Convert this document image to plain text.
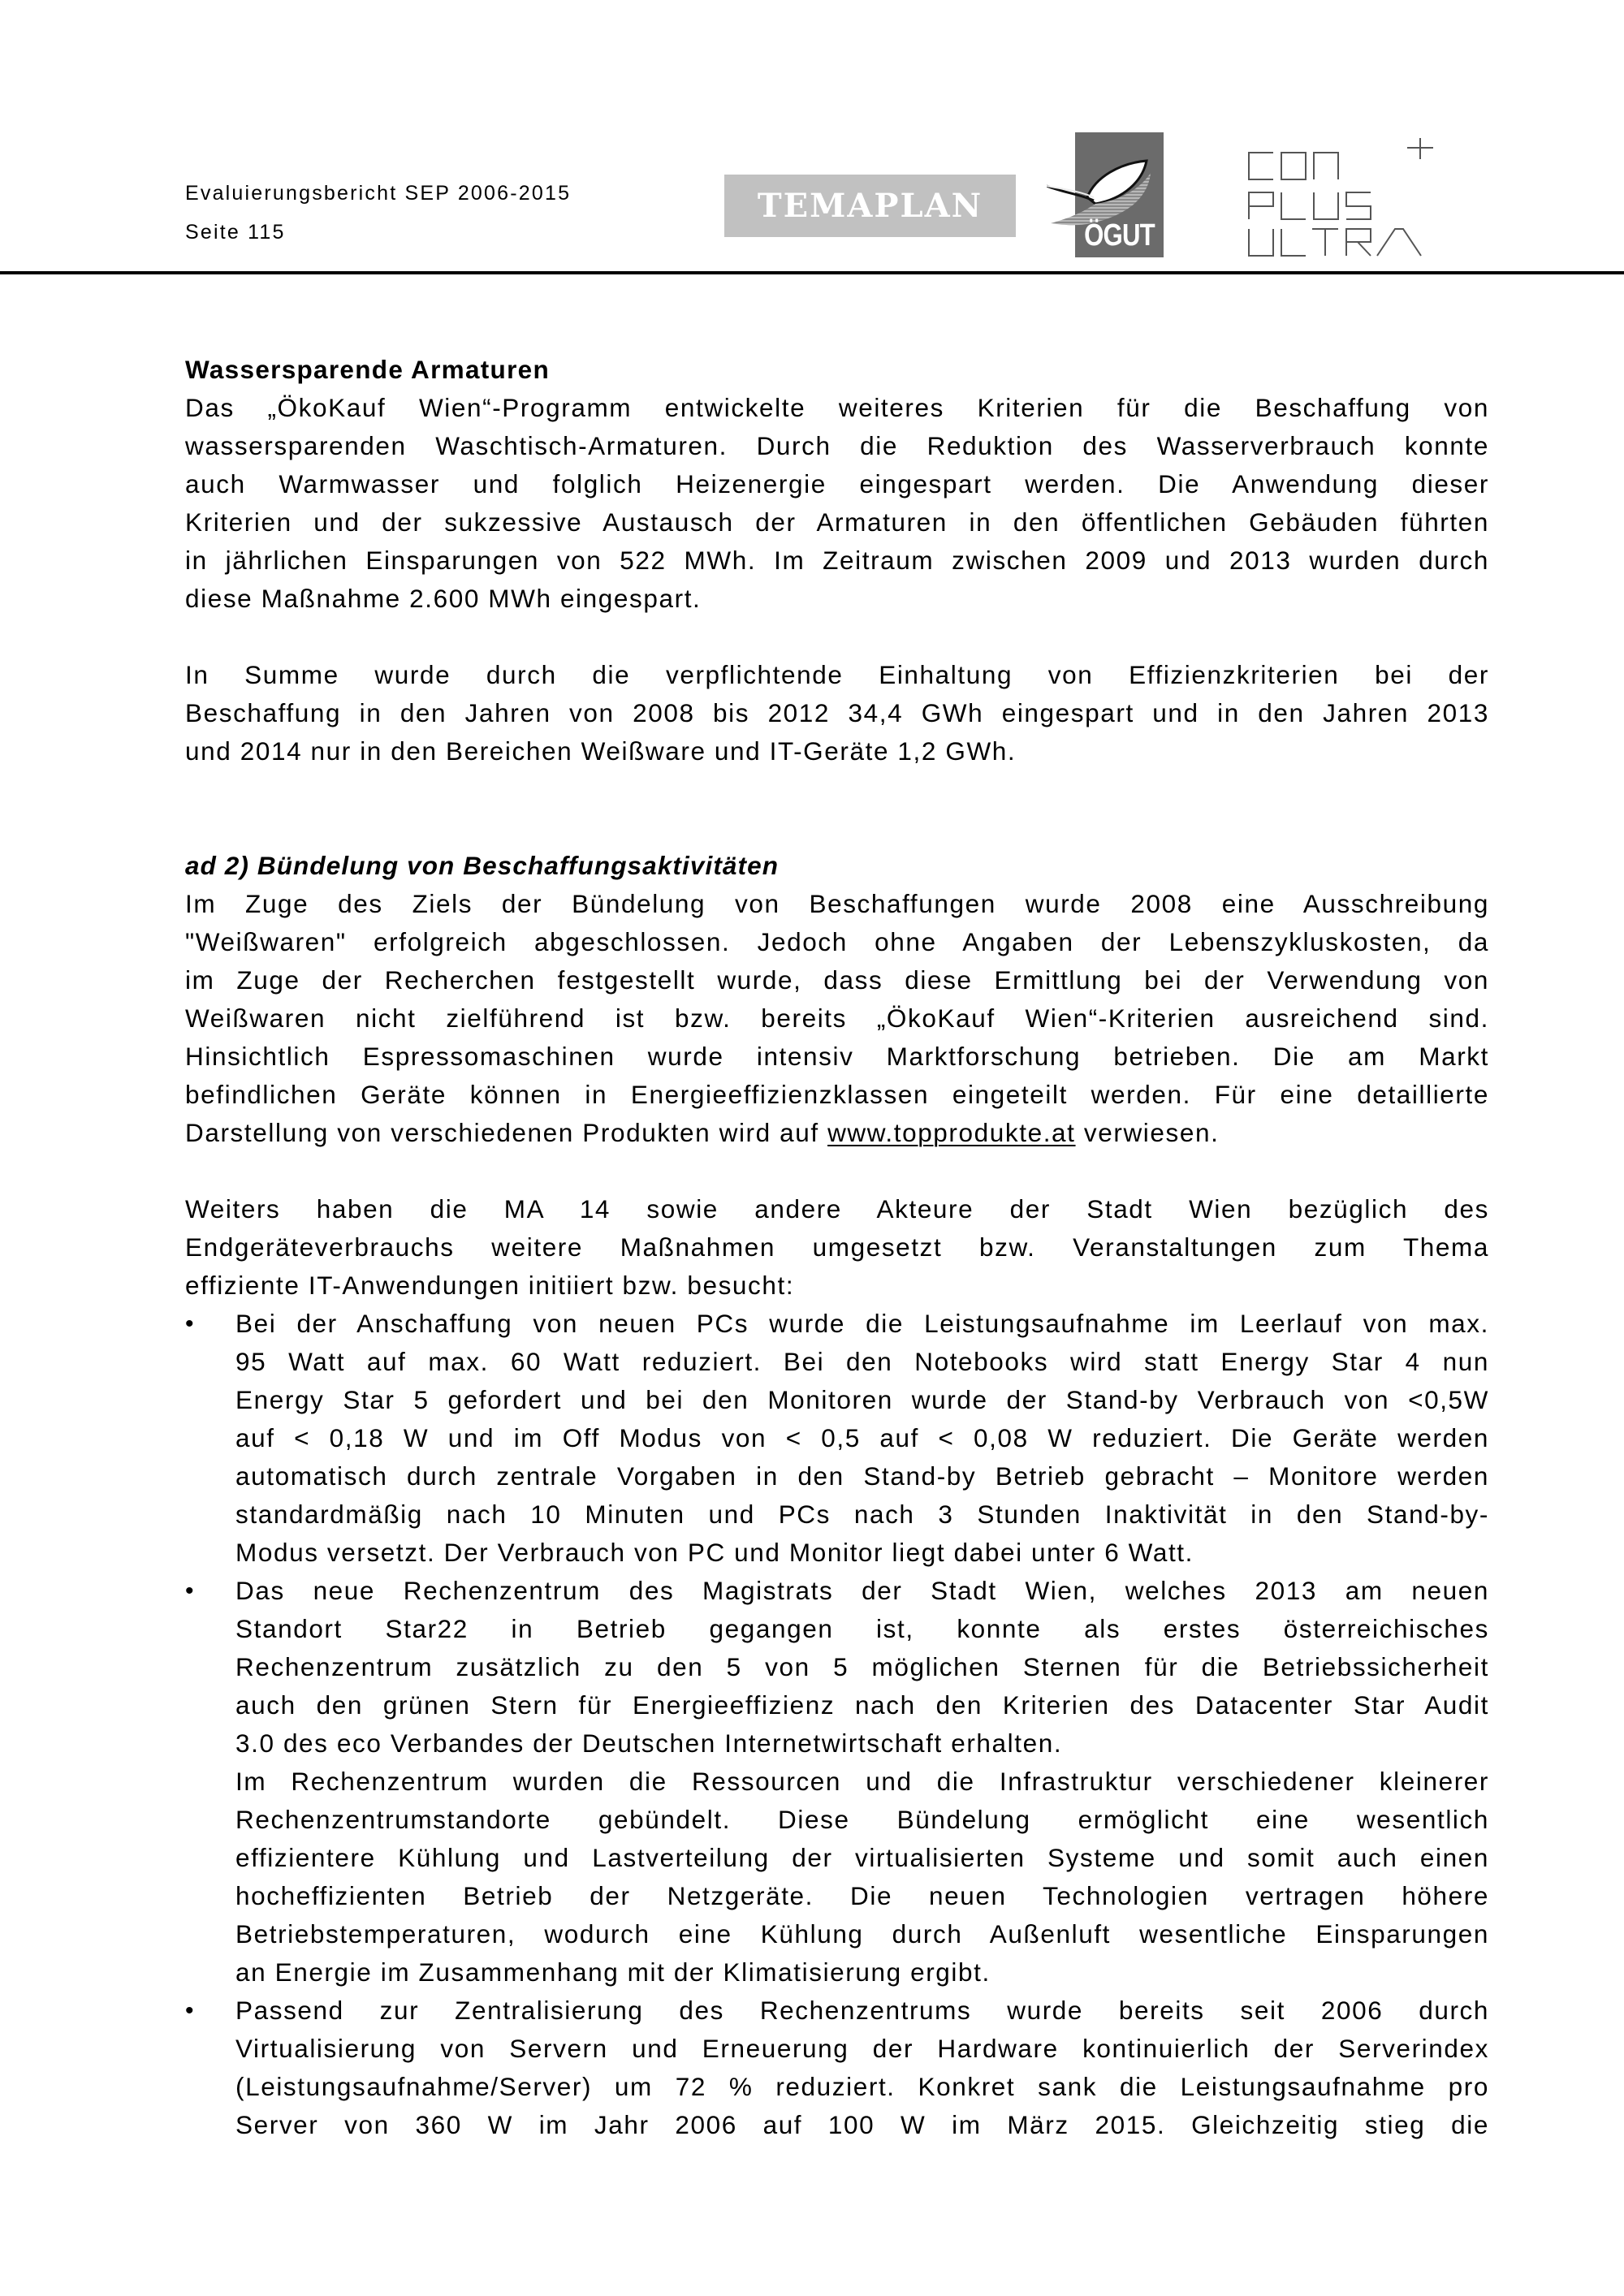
Evaluierungsbericht SEP 2006-2015
Seite 115
TEMAPLAN
ÖGUT
Wassersparende Armaturen
Das „ÖkoKauf Wien“-Programm entwickelte weiteres Kriterien für die Beschaffung von
wassersparenden Waschtisch-Armaturen. Durch die Reduktion des Wasserverbrauch konnte
auch Warmwasser und folglich Heizenergie eingespart werden. Die Anwendung dieser
Kriterien und der sukzessive Austausch der Armaturen in den öffentlichen Gebäuden führten
in jährlichen Einsparungen von 522 MWh. Im Zeitraum zwischen 2009 und 2013 wurden durch
diese Maßnahme 2.600 MWh eingespart.
In Summe wurde durch die verpflichtende Einhaltung von Effizienzkriterien bei der
Beschaffung in den Jahren von 2008 bis 2012 34,4 GWh eingespart und in den Jahren 2013
und 2014 nur in den Bereichen Weißware und IT-Geräte 1,2 GWh.
ad 2) Bündelung von Beschaffungsaktivitäten
Im Zuge des Ziels der Bündelung von Beschaffungen wurde 2008 eine Ausschreibung
"Weißwaren" erfolgreich abgeschlossen. Jedoch ohne Angaben der Lebenszykluskosten, da
im Zuge der Recherchen festgestellt wurde, dass diese Ermittlung bei der Verwendung von
Weißwaren nicht zielführend ist bzw. bereits „ÖkoKauf Wien“-Kriterien ausreichend sind.
Hinsichtlich Espressomaschinen wurde intensiv Marktforschung betrieben. Die am Markt
befindlichen Geräte können in Energieeffizienzklassen eingeteilt werden. Für eine detaillierte
Darstellung von verschiedenen Produkten wird auf www.topprodukte.at verwiesen.
Weiters haben die MA 14 sowie andere Akteure der Stadt Wien bezüglich des
Endgeräteverbrauchs weitere Maßnahmen umgesetzt bzw. Veranstaltungen zum Thema
effiziente IT-Anwendungen initiiert bzw. besucht:
• Bei der Anschaffung von neuen PCs wurde die Leistungsaufnahme im Leerlauf von max.
95 Watt auf max. 60 Watt reduziert. Bei den Notebooks wird statt Energy Star 4 nun
Energy Star 5 gefordert und bei den Monitoren wurde der Stand-by Verbrauch von <0,5W
auf < 0,18 W und im Off Modus von < 0,5 auf < 0,08 W reduziert. Die Geräte werden
automatisch durch zentrale Vorgaben in den Stand-by Betrieb gebracht – Monitore werden
standardmäßig nach 10 Minuten und PCs nach 3 Stunden Inaktivität in den Stand-by-
Modus versetzt. Der Verbrauch von PC und Monitor liegt dabei unter 6 Watt.
• Das neue Rechenzentrum des Magistrats der Stadt Wien, welches 2013 am neuen
Standort Star22 in Betrieb gegangen ist, konnte als erstes österreichisches
Rechenzentrum zusätzlich zu den 5 von 5 möglichen Sternen für die Betriebssicherheit
auch den grünen Stern für Energieeffizienz nach den Kriterien des Datacenter Star Audit
3.0 des eco Verbandes der Deutschen Internetwirtschaft erhalten.
Im Rechenzentrum wurden die Ressourcen und die Infrastruktur verschiedener kleinerer
Rechenzentrumstandorte gebündelt. Diese Bündelung ermöglicht eine wesentlich
effizientere Kühlung und Lastverteilung der virtualisierten Systeme und somit auch einen
hocheffizienten Betrieb der Netzgeräte. Die neuen Technologien vertragen höhere
Betriebstemperaturen, wodurch eine Kühlung durch Außenluft wesentliche Einsparungen
an Energie im Zusammenhang mit der Klimatisierung ergibt.
• Passend zur Zentralisierung des Rechenzentrums wurde bereits seit 2006 durch
Virtualisierung von Servern und Erneuerung der Hardware kontinuierlich der Serverindex
(Leistungsaufnahme/Server) um 72 % reduziert. Konkret sank die Leistungsaufnahme pro
Server von 360 W im Jahr 2006 auf 100 W im März 2015. Gleichzeitig stieg die
